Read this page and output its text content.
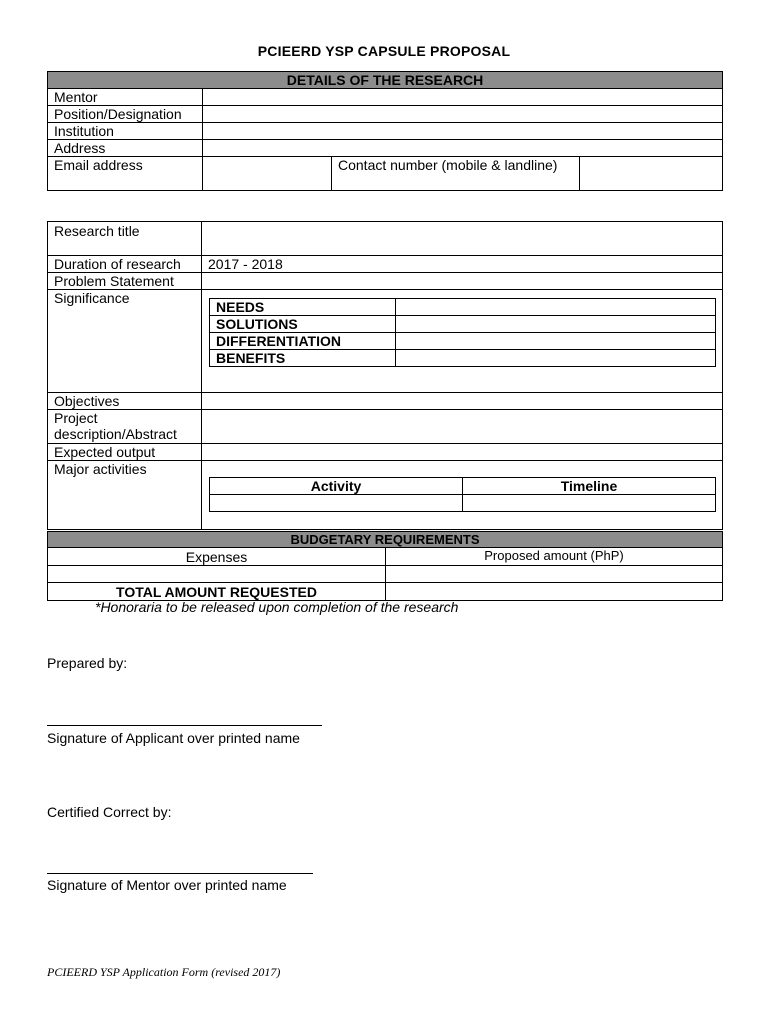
PCIEERD YSP CAPSULE PROPOSAL
DETAILS OF THE RESEARCH			
Mentor			
Position/Designation			
Institution			
Address			
Email address		Contact number (mobile & landline)	
Research title	
Duration of research	2017 - 2018
Problem Statement	
Significance	
NEEDS	
SOLUTIONS	
DIFFERENTIATION	
BENEFITS	

Objectives	
Project description/Abstract	
Expected output	
Major activities	
Activity	Timeline

BUDGETARY REQUIREMENTS	
Expenses	Proposed amount (PhP)

TOTAL AMOUNT REQUESTED	
*Honoraria to be released upon completion of the research
Prepared by:
Signature of Applicant over printed name
Certified Correct by:
Signature of Mentor over printed name
PCIEERD YSP Application Form (revised 2017)
